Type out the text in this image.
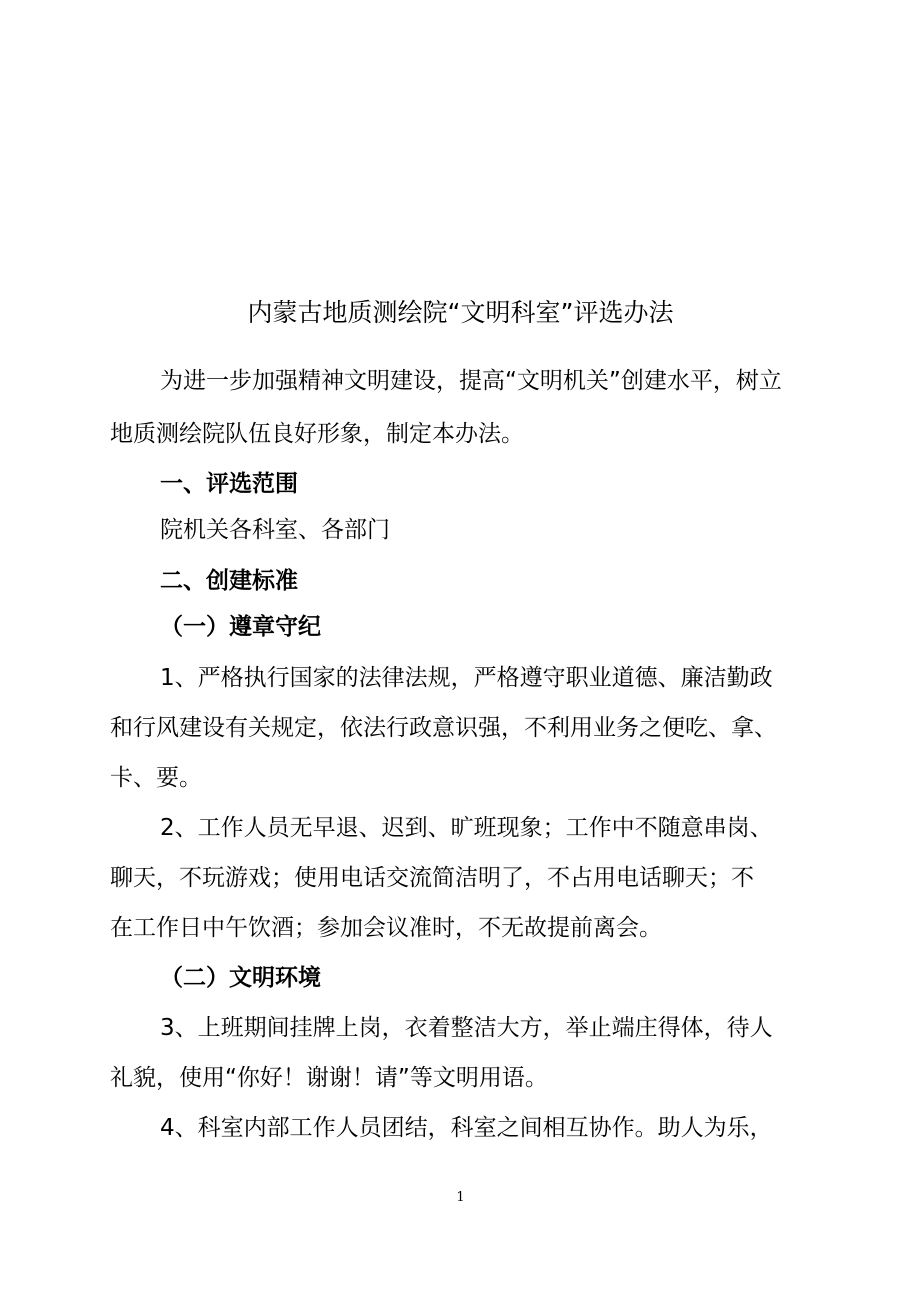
内蒙古地质测绘院“文明科室”评选办法
为进一步加强精神文明建设，提高“文明机关”创建水平，树立
地质测绘院队伍良好形象，制定本办法。
一、评选范围
院机关各科室、各部门
二、创建标准
（一）遵章守纪
1、严格执行国家的法律法规，严格遵守职业道德、廉洁勤政
和行风建设有关规定，依法行政意识强，不利用业务之便吃、拿、
卡、要。
2、工作人员无早退、迟到、旷班现象；工作中不随意串岗、
聊天，不玩游戏；使用电话交流简洁明了，不占用电话聊天；不
在工作日中午饮酒；参加会议准时，不无故提前离会。
（二）文明环境
3、上班期间挂牌上岗，衣着整洁大方，举止端庄得体，待人
礼貌，使用“你好！谢谢！请”等文明用语。
4、科室内部工作人员团结，科室之间相互协作。助人为乐，
1
